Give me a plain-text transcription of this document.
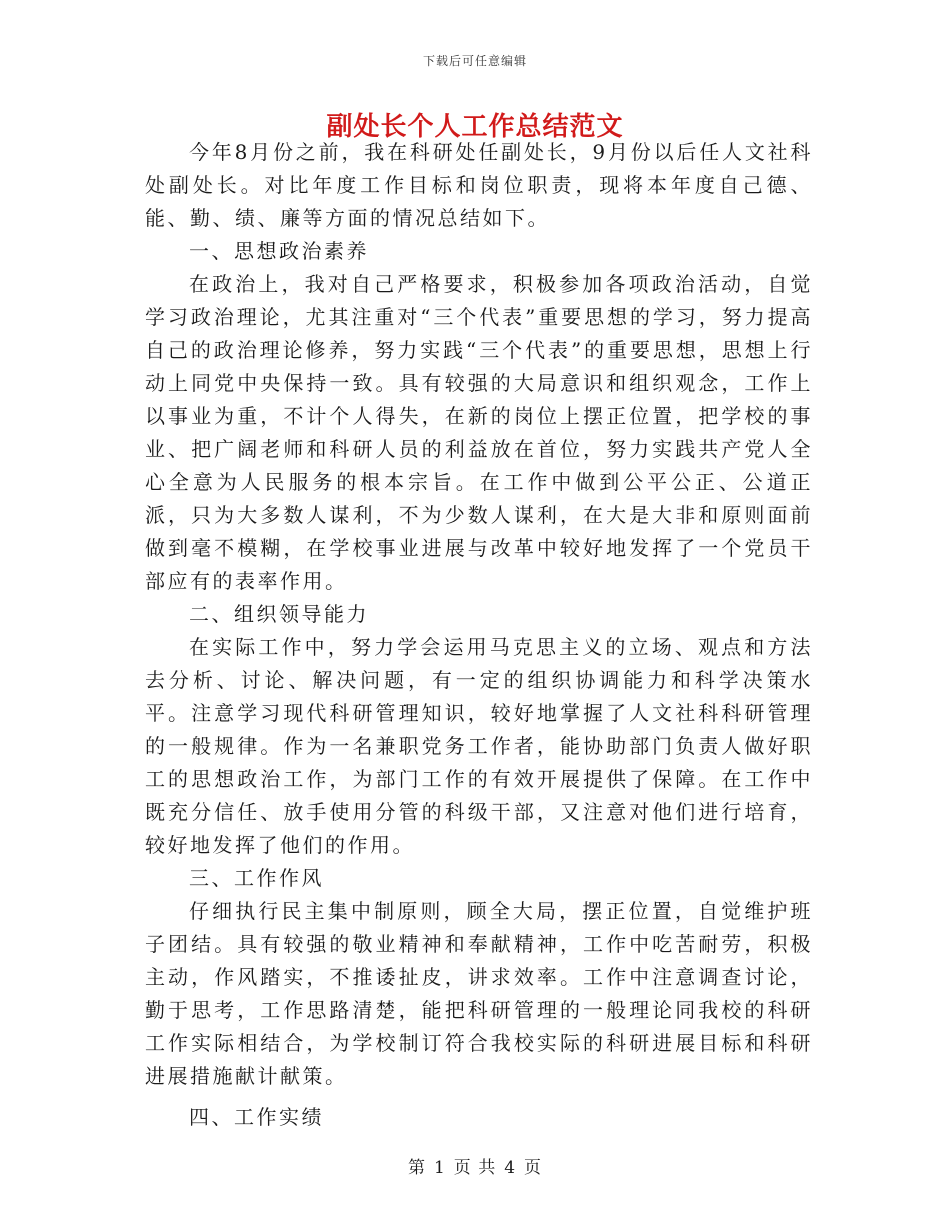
下载后可任意编辑
副处长个人工作总结范文

今年8月份之前，我在科研处任副处长，9月份以后任人文社科处副处长。对比年度工作目标和岗位职责，现将本年度自己德、能、勤、绩、廉等方面的情况总结如下。

一、思想政治素养

在政治上，我对自己严格要求，积极参加各项政治活动，自觉学习政治理论，尤其注重对“三个代表”重要思想的学习，努力提高自己的政治理论修养，努力实践“三个代表”的重要思想，思想上行动上同党中央保持一致。具有较强的大局意识和组织观念，工作上以事业为重，不计个人得失，在新的岗位上摆正位置，把学校的事业、把广阔老师和科研人员的利益放在首位，努力实践共产党人全心全意为人民服务的根本宗旨。在工作中做到公平公正、公道正派，只为大多数人谋利，不为少数人谋利，在大是大非和原则面前做到毫不模糊，在学校事业进展与改革中较好地发挥了一个党员干部应有的表率作用。

二、组织领导能力

在实际工作中，努力学会运用马克思主义的立场、观点和方法去分析、讨论、解决问题，有一定的组织协调能力和科学决策水平。注意学习现代科研管理知识，较好地掌握了人文社科科研管理的一般规律。作为一名兼职党务工作者，能协助部门负责人做好职工的思想政治工作，为部门工作的有效开展提供了保障。在工作中既充分信任、放手使用分管的科级干部，又注意对他们进行培育，较好地发挥了他们的作用。

三、工作作风

仔细执行民主集中制原则，顾全大局，摆正位置，自觉维护班子团结。具有较强的敬业精神和奉献精神，工作中吃苦耐劳，积极主动，作风踏实，不推诿扯皮，讲求效率。工作中注意调查讨论，勤于思考，工作思路清楚，能把科研管理的一般理论同我校的科研工作实际相结合，为学校制订符合我校实际的科研进展目标和科研进展措施献计献策。

四、工作实绩

第 1 页 共 4 页
